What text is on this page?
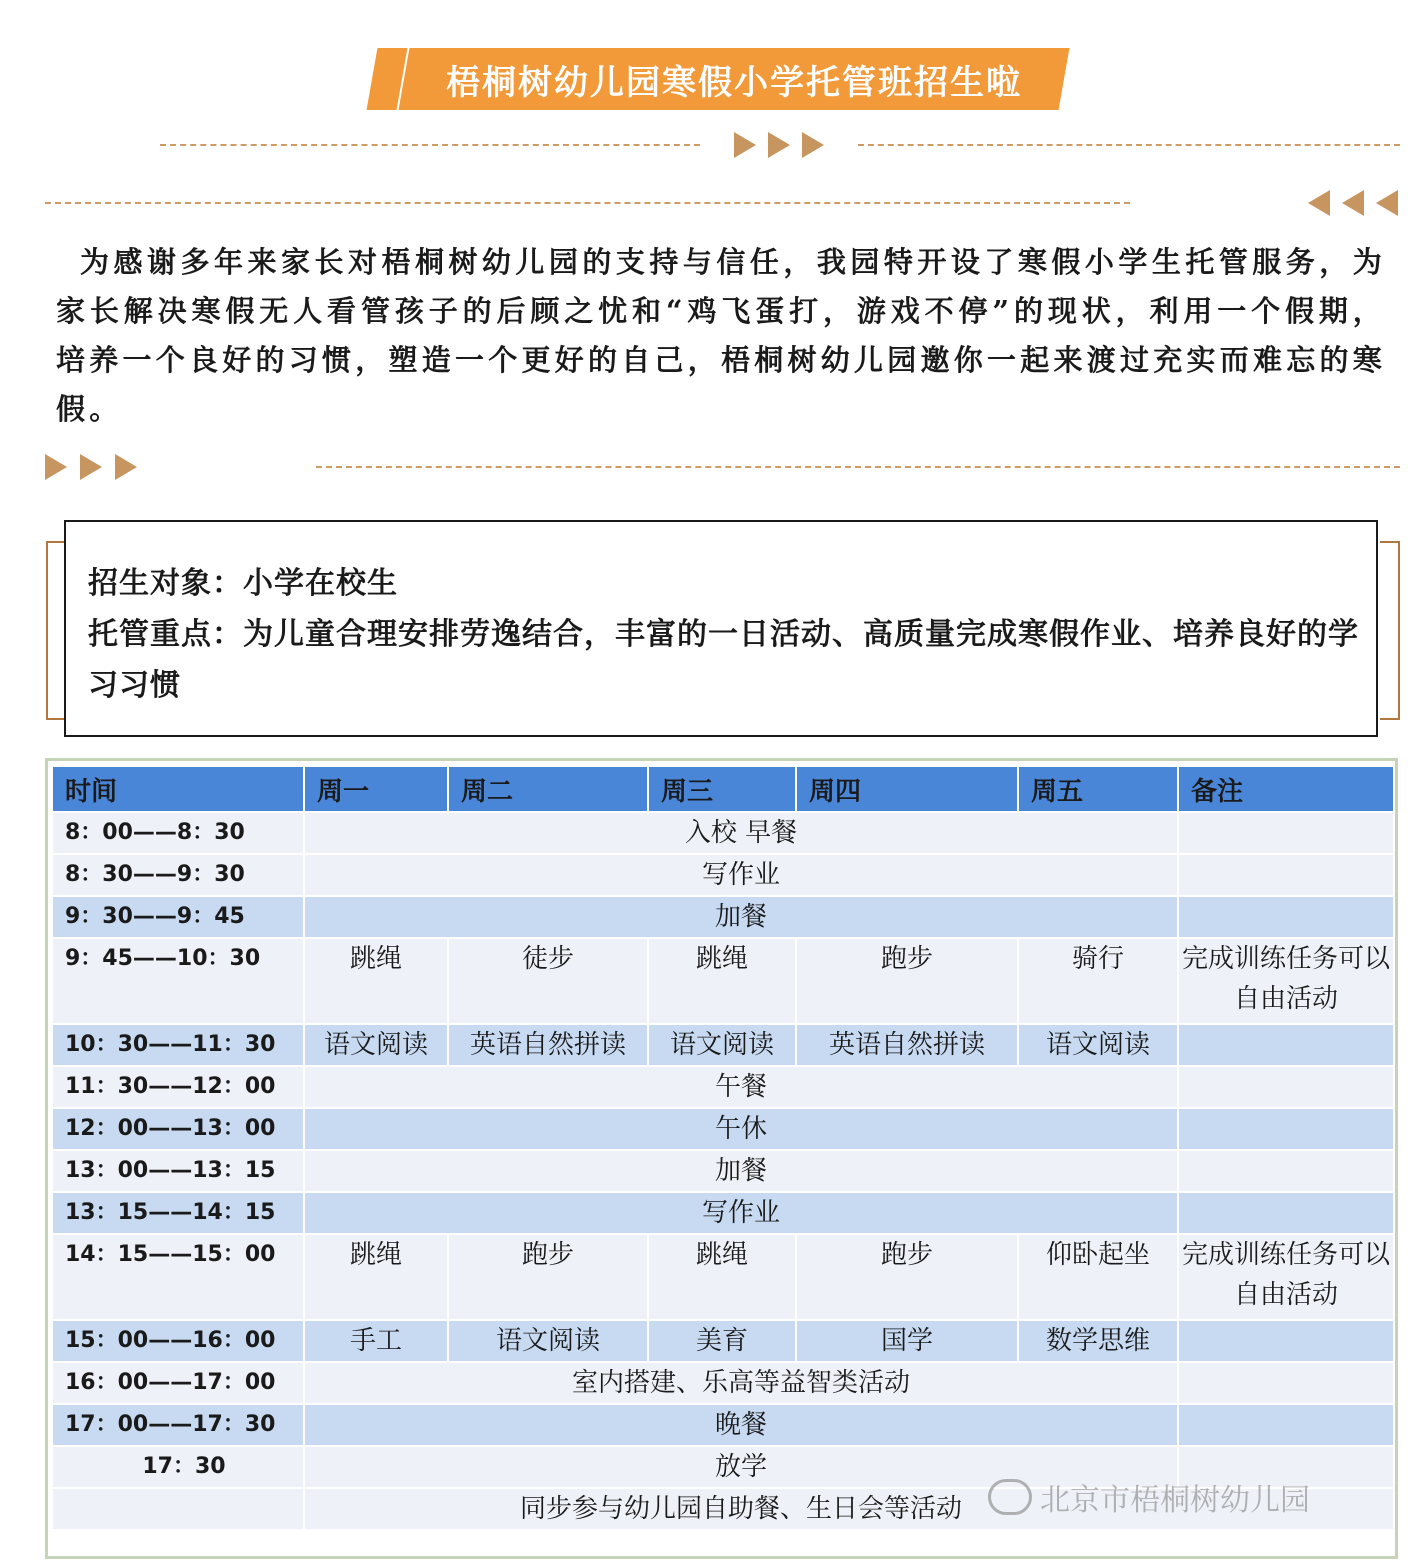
梧桐树幼儿园寒假小学托管班招生啦

为感谢多年来家长对梧桐树幼儿园的支持与信任，我园特开设了寒假小学生托管服务，为家长解决寒假无人看管孩子的后顾之忧和“鸡飞蛋打，游戏不停”的现状，利用一个假期，培养一个良好的习惯，塑造一个更好的自己，梧桐树幼儿园邀你一起来渡过充实而难忘的寒假。

招生对象：小学在校生

托管重点：为儿童合理安排劳逸结合，丰富的一日活动、高质量完成寒假作业、培养良好的学习习惯

时间	周一	周二	周三	周四	周五	备注
8：00——8：30	入校 早餐					
8：30——9：30	写作业					
9：30——9：45	加餐					
9：45——10：30	跳绳	徒步	跳绳	跑步	骑行	完成训练任务可以自由活动
10：30——11：30	语文阅读	英语自然拼读	语文阅读	英语自然拼读	语文阅读	
11：30——12：00	午餐					
12：00——13：00	午休					
13：00——13：15	加餐					
13：15——14：15	写作业					
14：15——15：00	跳绳	跑步	跳绳	跑步	仰卧起坐	完成训练任务可以自由活动
15：00——16：00	手工	语文阅读	美育	国学	数学思维	
16：00——17：00	室内搭建、乐高等益智类活动					
17：00——17：30	晚餐					
17：30	放学					
	同步参与幼儿园自助餐、生日会等活动						北京市梧桐树幼儿园
